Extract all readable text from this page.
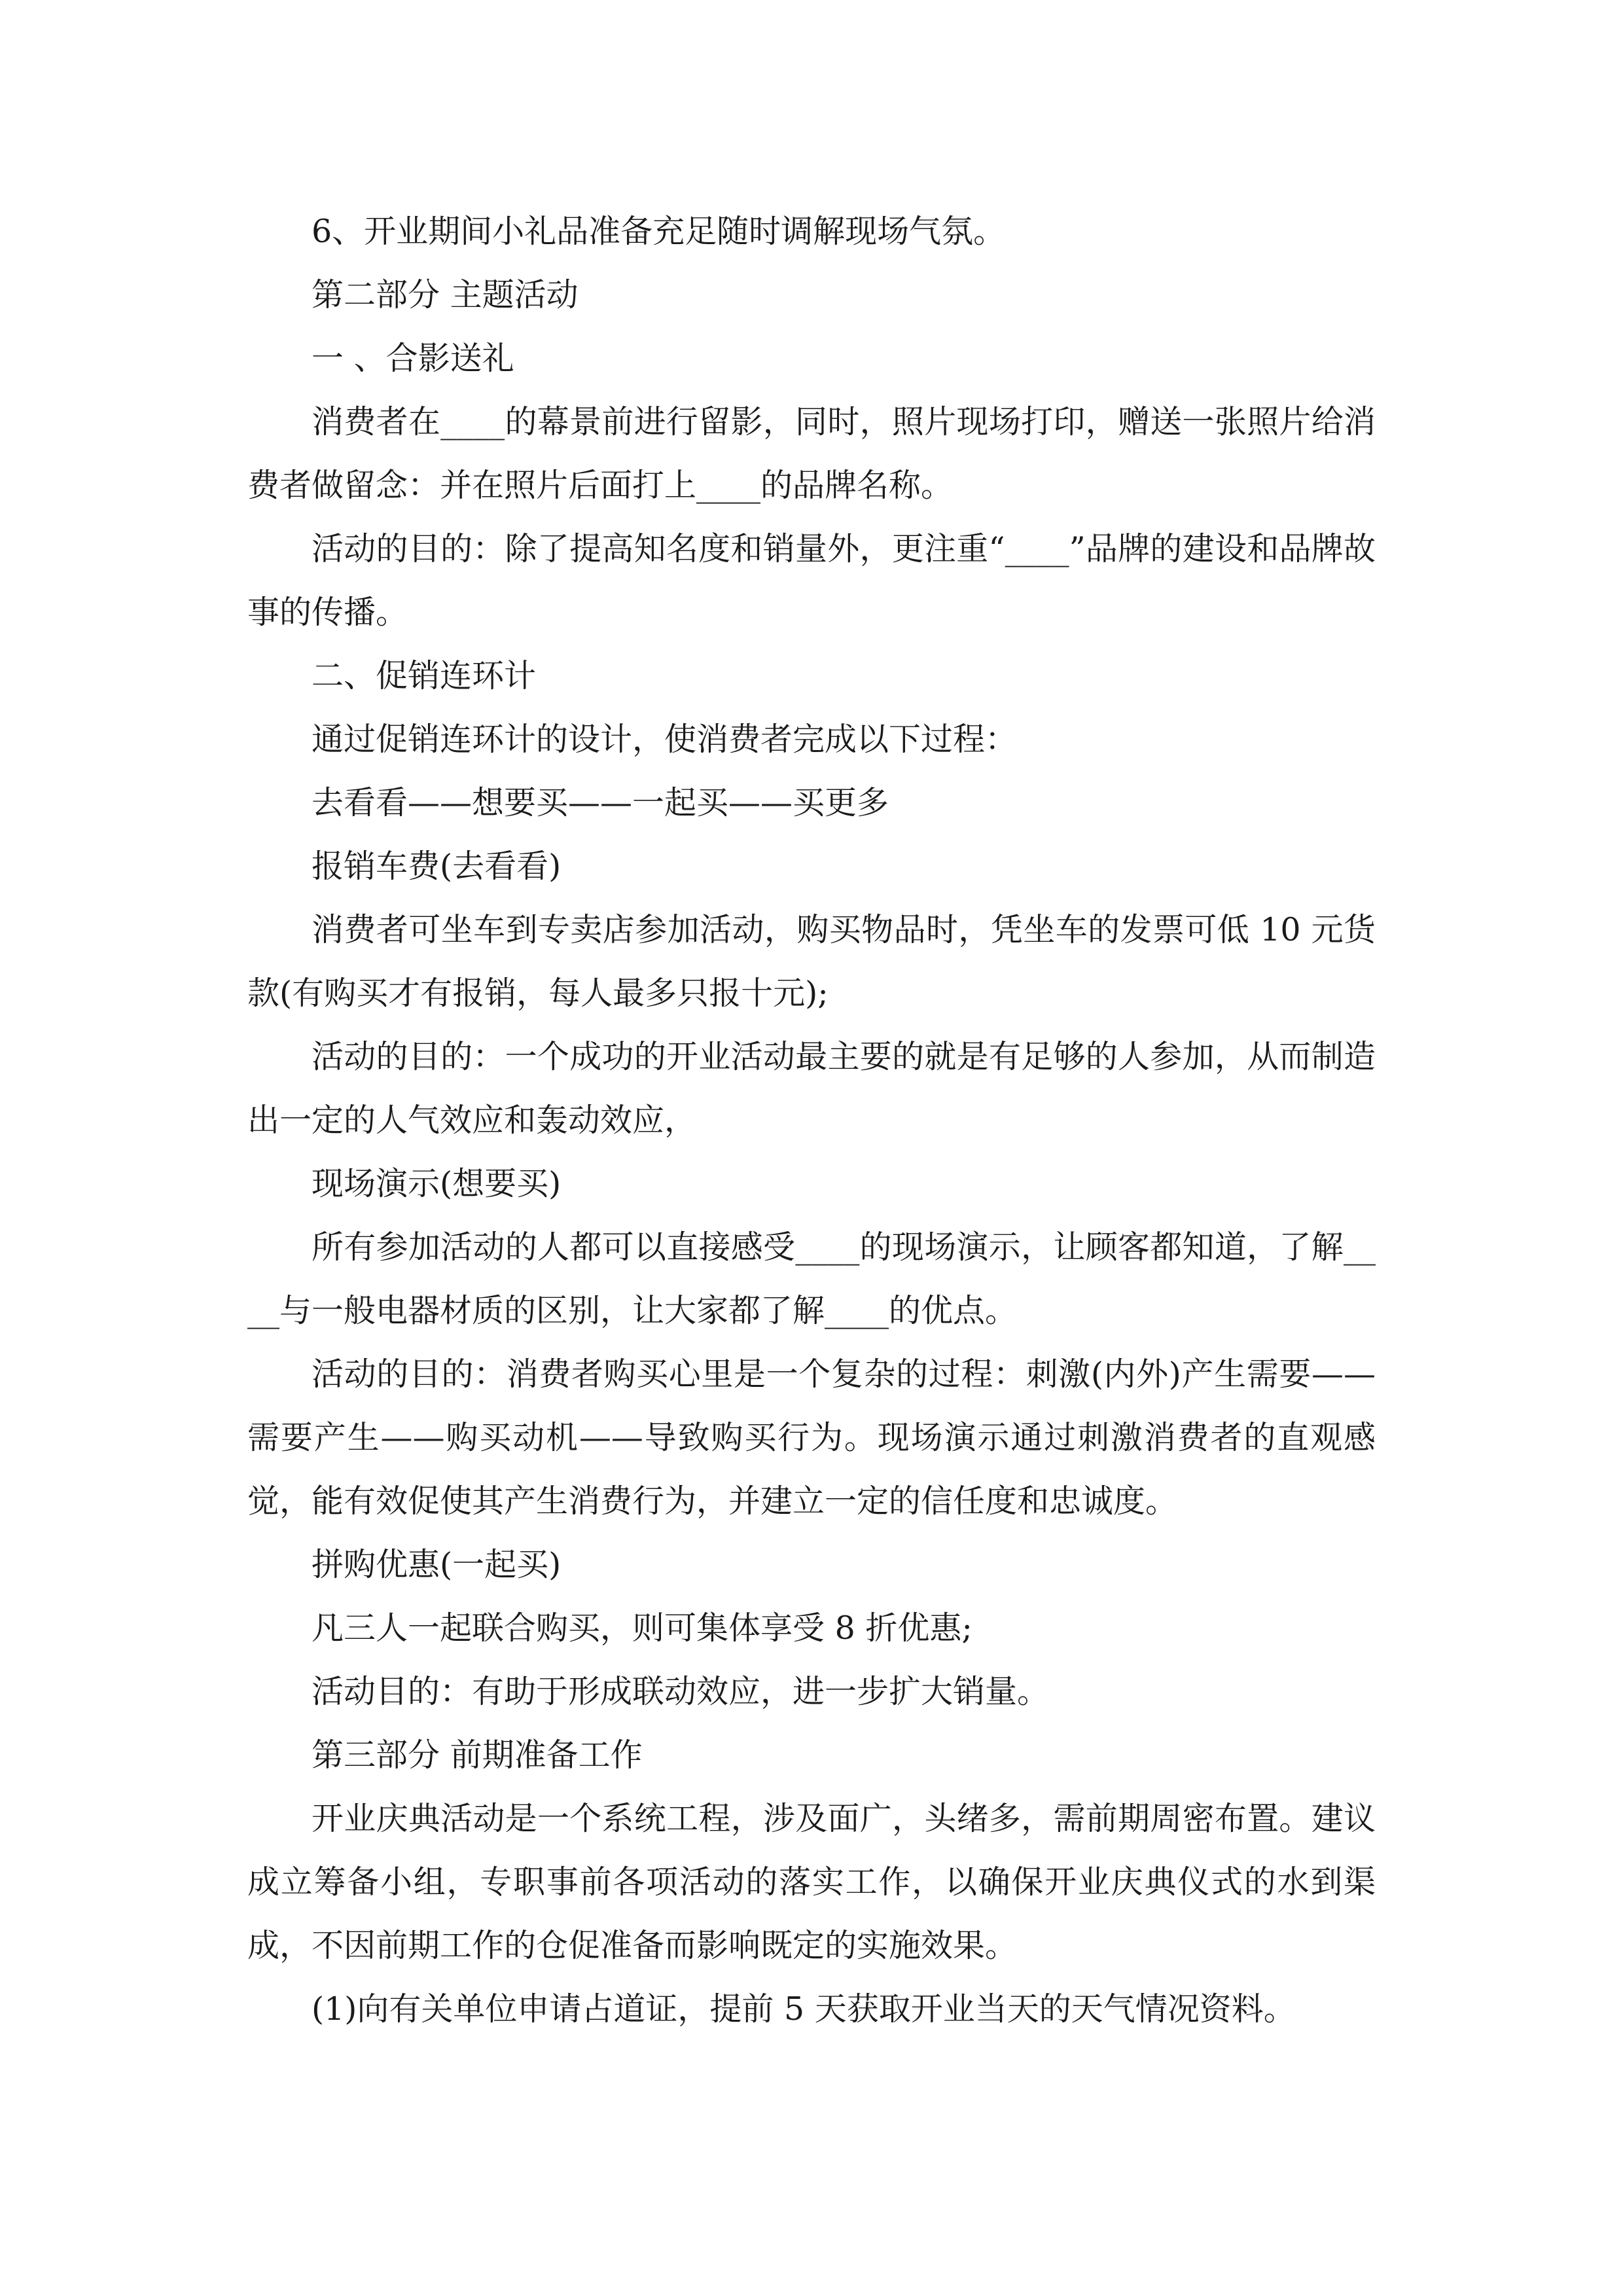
6、开业期间小礼品准备充足随时调解现场气氛。

第二部分 主题活动

一 、合影送礼

消费者在____的幕景前进行留影，同时，照片现场打印，赠送一张照片给消费者做留念：并在照片后面打上____的品牌名称。

活动的目的：除了提高知名度和销量外，更注重“____”品牌的建设和品牌故事的传播。

二、促销连环计

通过促销连环计的设计，使消费者完成以下过程：

去看看——想要买——一起买——买更多

报销车费(去看看)

消费者可坐车到专卖店参加活动，购买物品时，凭坐车的发票可低 10 元货款(有购买才有报销，每人最多只报十元);

活动的目的：一个成功的开业活动最主要的就是有足够的人参加，从而制造出一定的人气效应和轰动效应，

现场演示(想要买)

所有参加活动的人都可以直接感受____的现场演示，让顾客都知道，了解____与一般电器材质的区别，让大家都了解____的优点。

活动的目的：消费者购买心里是一个复杂的过程：刺激(内外)产生需要——需要产生——购买动机——导致购买行为。现场演示通过刺激消费者的直观感觉，能有效促使其产生消费行为，并建立一定的信任度和忠诚度。

拼购优惠(一起买)

凡三人一起联合购买，则可集体享受 8 折优惠;

活动目的：有助于形成联动效应，进一步扩大销量。

第三部分 前期准备工作

开业庆典活动是一个系统工程，涉及面广，头绪多，需前期周密布置。建议成立筹备小组，专职事前各项活动的落实工作，以确保开业庆典仪式的水到渠成，不因前期工作的仓促准备而影响既定的实施效果。

(1)向有关单位申请占道证，提前 5 天获取开业当天的天气情况资料。
